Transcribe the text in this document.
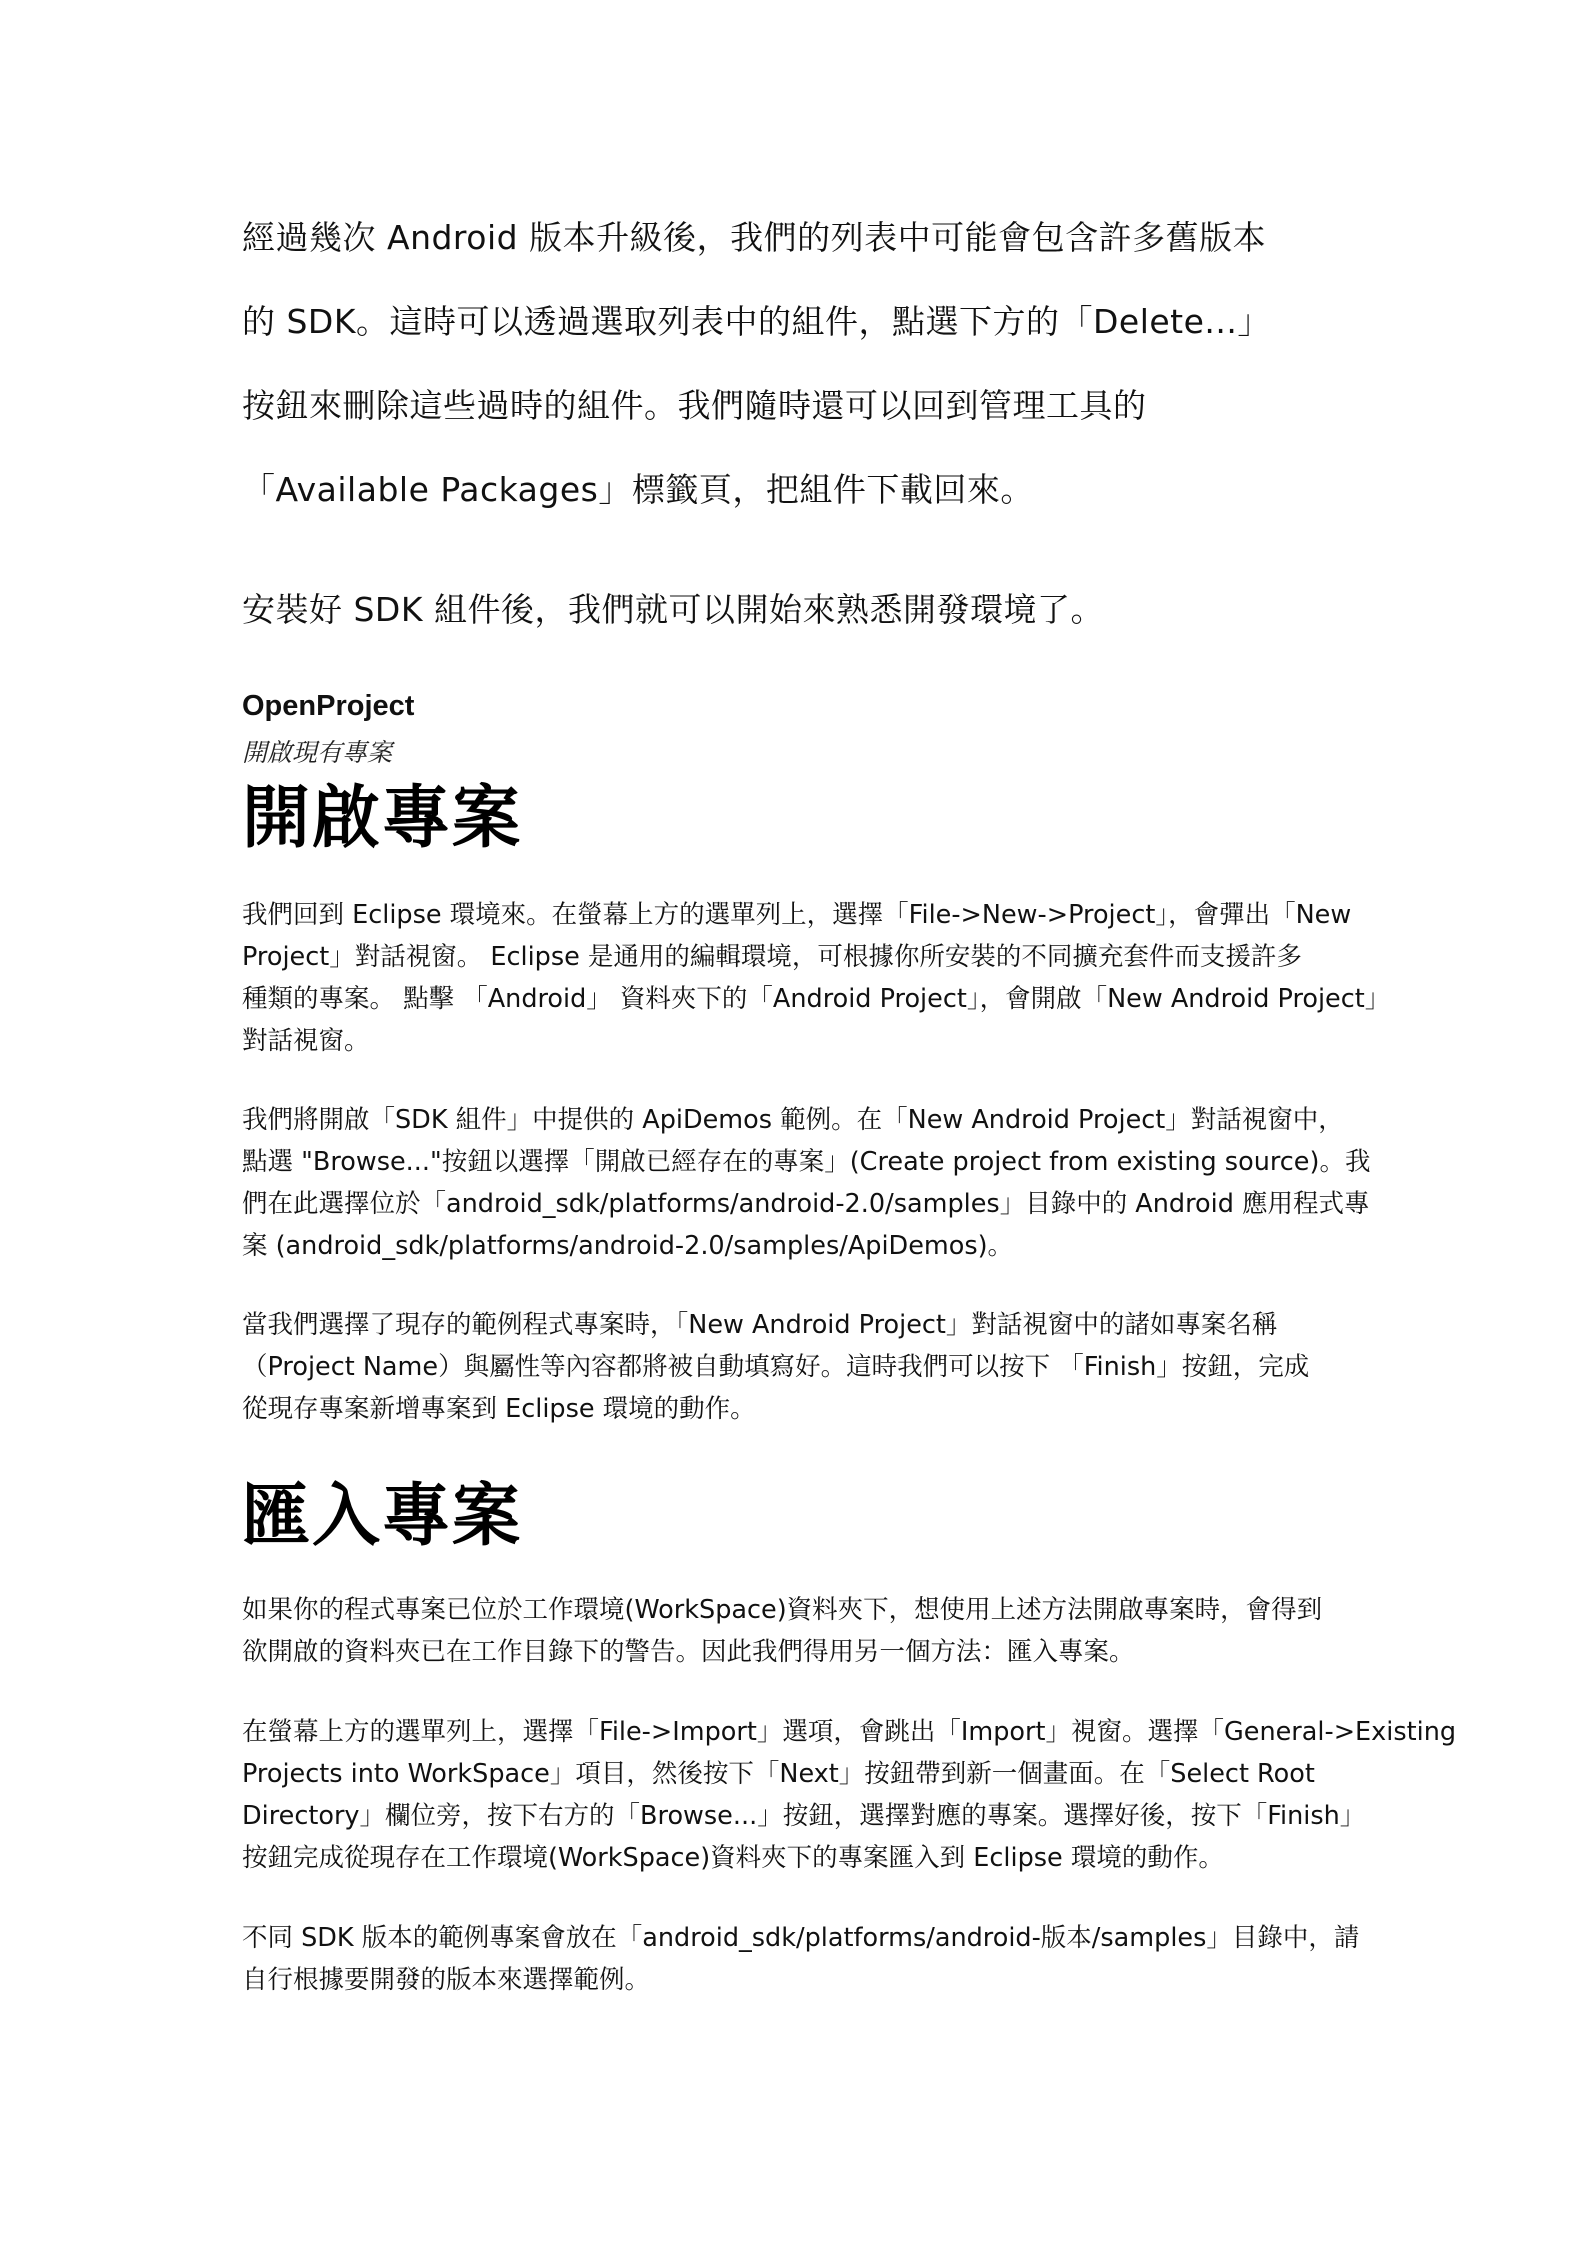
經過幾次 Android 版本升級後，我們的列表中可能會包含許多舊版本
的 SDK。這時可以透過選取列表中的組件，點選下方的「Delete...」
按鈕來刪除這些過時的組件。我們隨時還可以回到管理工具的
「Available Packages」標籤頁，把組件下載回來。
安裝好 SDK 組件後，我們就可以開始來熟悉開發環境了。
OpenProject
開啟現有專案
開啟專案
我們回到 Eclipse 環境來。在螢幕上方的選單列上，選擇「File->New->Project」，會彈出「New
Project」對話視窗。 Eclipse 是通用的編輯環境，可根據你所安裝的不同擴充套件而支援許多
種類的專案。 點擊 「Android」 資料夾下的「Android Project」，會開啟「New Android Project」
對話視窗。
我們將開啟「SDK 組件」中提供的 ApiDemos 範例。在「New Android Project」對話視窗中，
點選 "Browse..."按鈕以選擇「開啟已經存在的專案」(Create project from existing source)。我
們在此選擇位於「android_sdk/platforms/android-2.0/samples」目錄中的 Android 應用程式專
案 (android_sdk/platforms/android-2.0/samples/ApiDemos)。
當我們選擇了現存的範例程式專案時，「New Android Project」對話視窗中的諸如專案名稱
（Project Name）與屬性等內容都將被自動填寫好。這時我們可以按下 「Finish」按鈕，完成
從現存專案新增專案到 Eclipse 環境的動作。
匯入專案
如果你的程式專案已位於工作環境(WorkSpace)資料夾下，想使用上述方法開啟專案時，會得到
欲開啟的資料夾已在工作目錄下的警告。因此我們得用另一個方法：匯入專案。
在螢幕上方的選單列上，選擇「File->Import」選項，會跳出「Import」視窗。選擇「General->Existing
Projects into WorkSpace」項目，然後按下「Next」按鈕帶到新一個畫面。在「Select Root
Directory」欄位旁，按下右方的「Browse...」按鈕，選擇對應的專案。選擇好後，按下「Finish」
按鈕完成從現存在工作環境(WorkSpace)資料夾下的專案匯入到 Eclipse 環境的動作。
不同 SDK 版本的範例專案會放在「android_sdk/platforms/android-版本/samples」目錄中，請
自行根據要開發的版本來選擇範例。
